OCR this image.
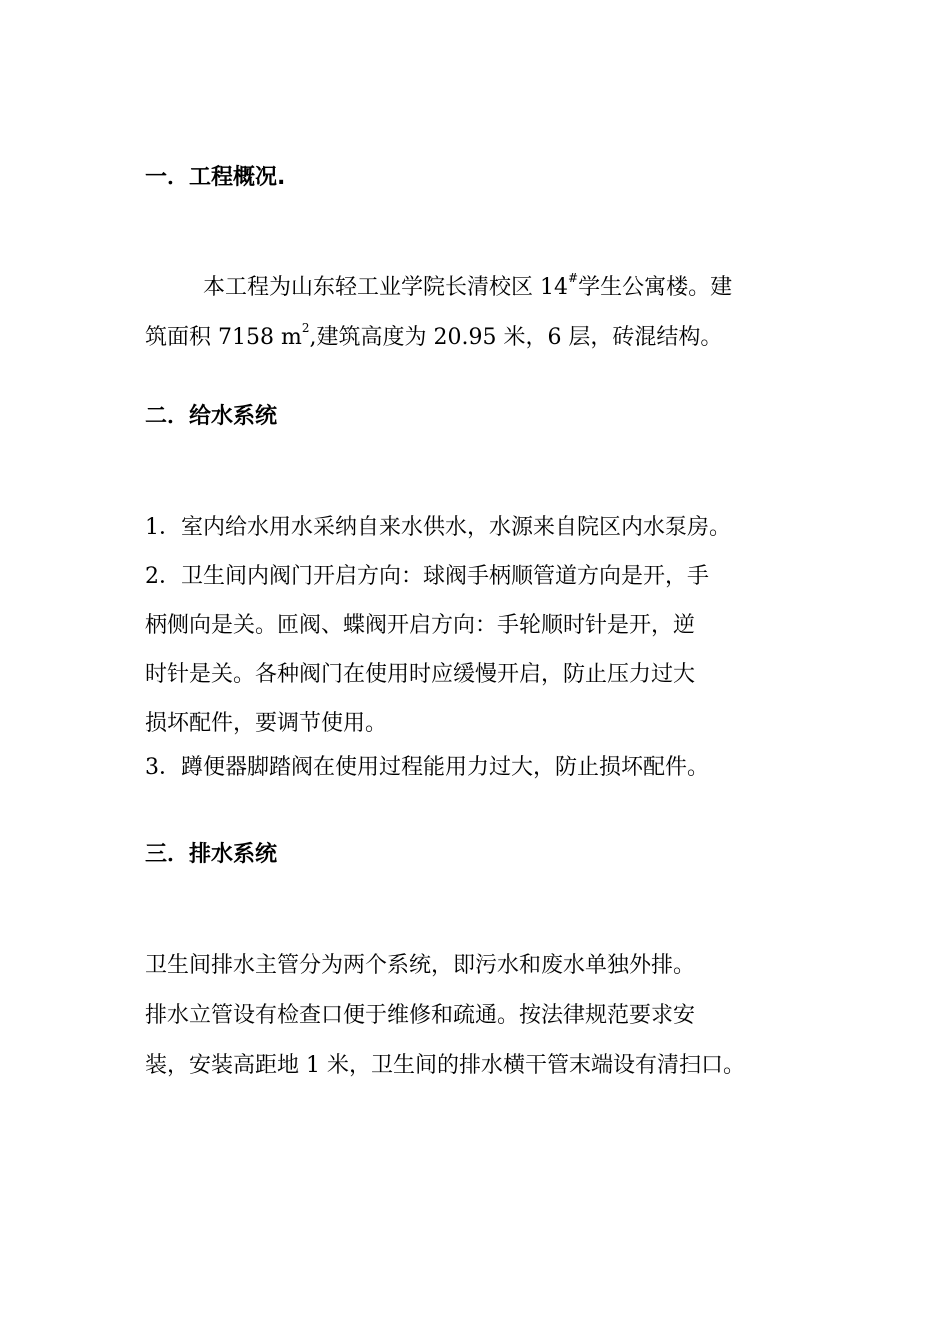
一．工程概况.
本工程为山东轻工业学院长清校区 14#学生公寓楼。建
筑面积 7158 $m^2$,建筑高度为 20.95 米，6 层，砖混结构。
二．给水系统
1．室内给水用水采纳自来水供水，水源来自院区内水泵房。
2．卫生间内阀门开启方向：球阀手柄顺管道方向是开，手
柄侧向是关。匝阀、蝶阀开启方向：手轮顺时针是开，逆
时针是关。各种阀门在使用时应缓慢开启，防止压力过大
损坏配件，要调节使用。
3．蹲便器脚踏阀在使用过程能用力过大，防止损坏配件。
三．排水系统
卫生间排水主管分为两个系统，即污水和废水单独外排。
排水立管设有检查口便于维修和疏通。按法律规范要求安
装，安装高距地 1 米，卫生间的排水横干管末端设有清扫口。
